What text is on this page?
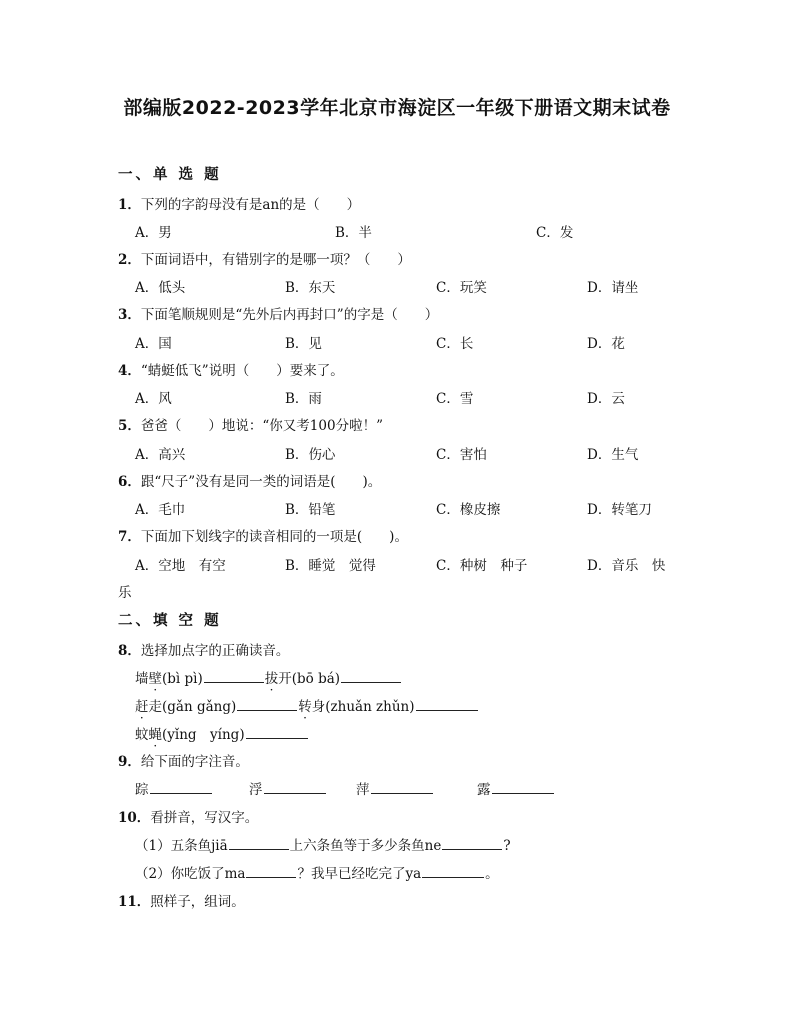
部编版2022-2023学年北京市海淀区一年级下册语文期末试卷
一、单 选 题
1．下列的字韵母没有是an的是（　　）
A．男	B．半	C．发
2．下面词语中，有错别字的是哪一项？（　　）
A．低头	B．东天	C．玩笑	D．请坐
3．下面笔顺规则是“先外后内再封口”的字是（　　）
A．国	B．见	C．长	D．花
4．“蜻蜓低飞”说明（　　）要来了。
A．风	B．雨	C．雪	D．云
5．爸爸（　　）地说：“你又考100分啦！”
A．高兴	B．伤心	C．害怕	D．生气
6．跟“尺子”没有是同一类的词语是(　　)。
A．毛巾	B．铅笔	C．橡皮擦	D．转笔刀
7．下面加下划线字的读音相同的一项是(　　)。
A．空地　有空	B．睡觉　觉得	C．种树　种子	D．音乐　快
乐
二、填 空 题
8．选择加点字的正确读音。
墙壁(bì pì)	拔开(bō bá)
赶走(gǎn gǎng)	转身(zhuǎn zhǔn)
蚊蝇(yǐng　yíng)
9．给下面的字注音。
踪	浮	萍	露
10．看拼音，写汉字。
（1）五条鱼jiā	上六条鱼等于多少条鱼ne	?
（2）你吃饭了ma	？我早已经吃完了ya	。
11．照样子，组词。
